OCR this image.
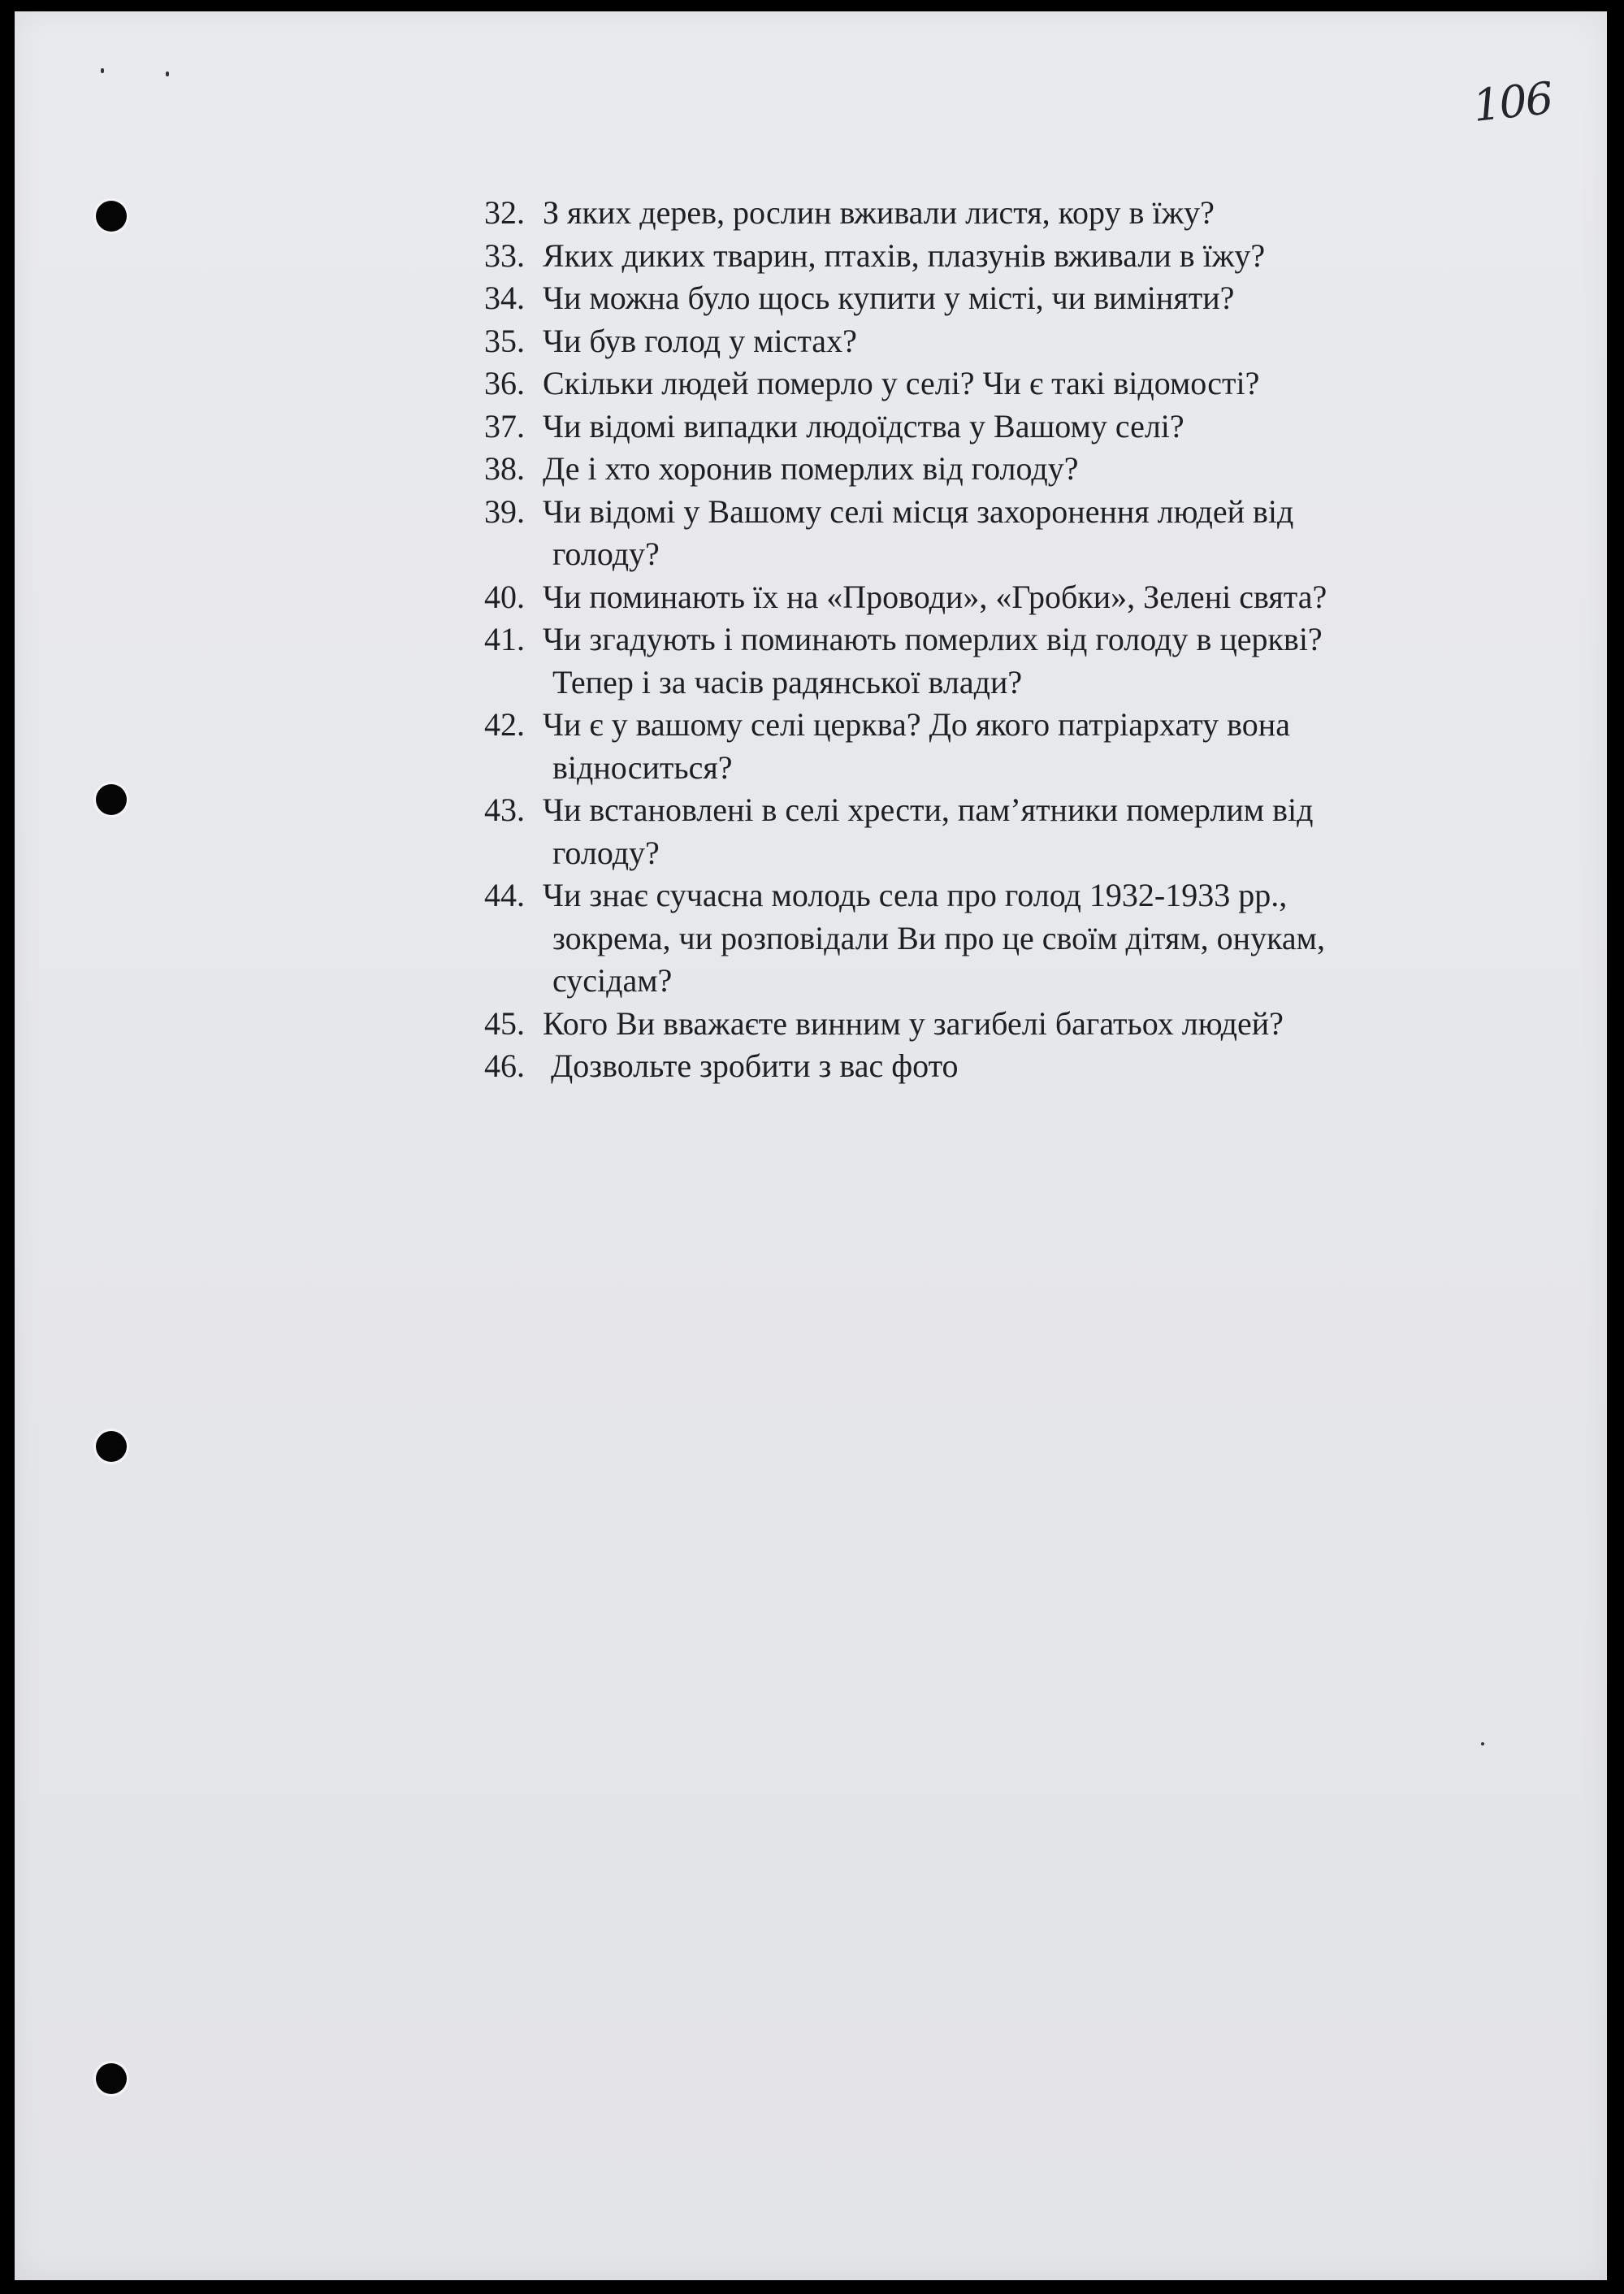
106
32. З яких дерев, рослин вживали листя, кору в їжу?
33. Яких диких тварин, птахів, плазунів вживали в їжу?
34. Чи можна було щось купити у місті, чи виміняти?
35. Чи був голод у містах?
36. Скільки людей померло у селі? Чи є такі відомості?
37. Чи відомі випадки людоїдства у Вашому селі?
38. Де і хто хоронив померлих від голоду?
39. Чи відомі у Вашому селі місця захоронення людей від
голоду?
40. Чи поминають їх на «Проводи», «Гробки», Зелені свята?
41. Чи згадують і поминають померлих від голоду в церкві?
Тепер і за часів радянської влади?
42. Чи є у вашому селі церква? До якого патріархату вона
відноситься?
43. Чи встановлені в селі хрести, пам’ятники померлим від
голоду?
44. Чи знає сучасна молодь села про голод 1932-1933 рр.,
зокрема, чи розповідали Ви про це своїм дітям, онукам,
сусідам?
45. Кого Ви вважаєте винним у загибелі багатьох людей?
46. Дозвольте зробити з вас фото
